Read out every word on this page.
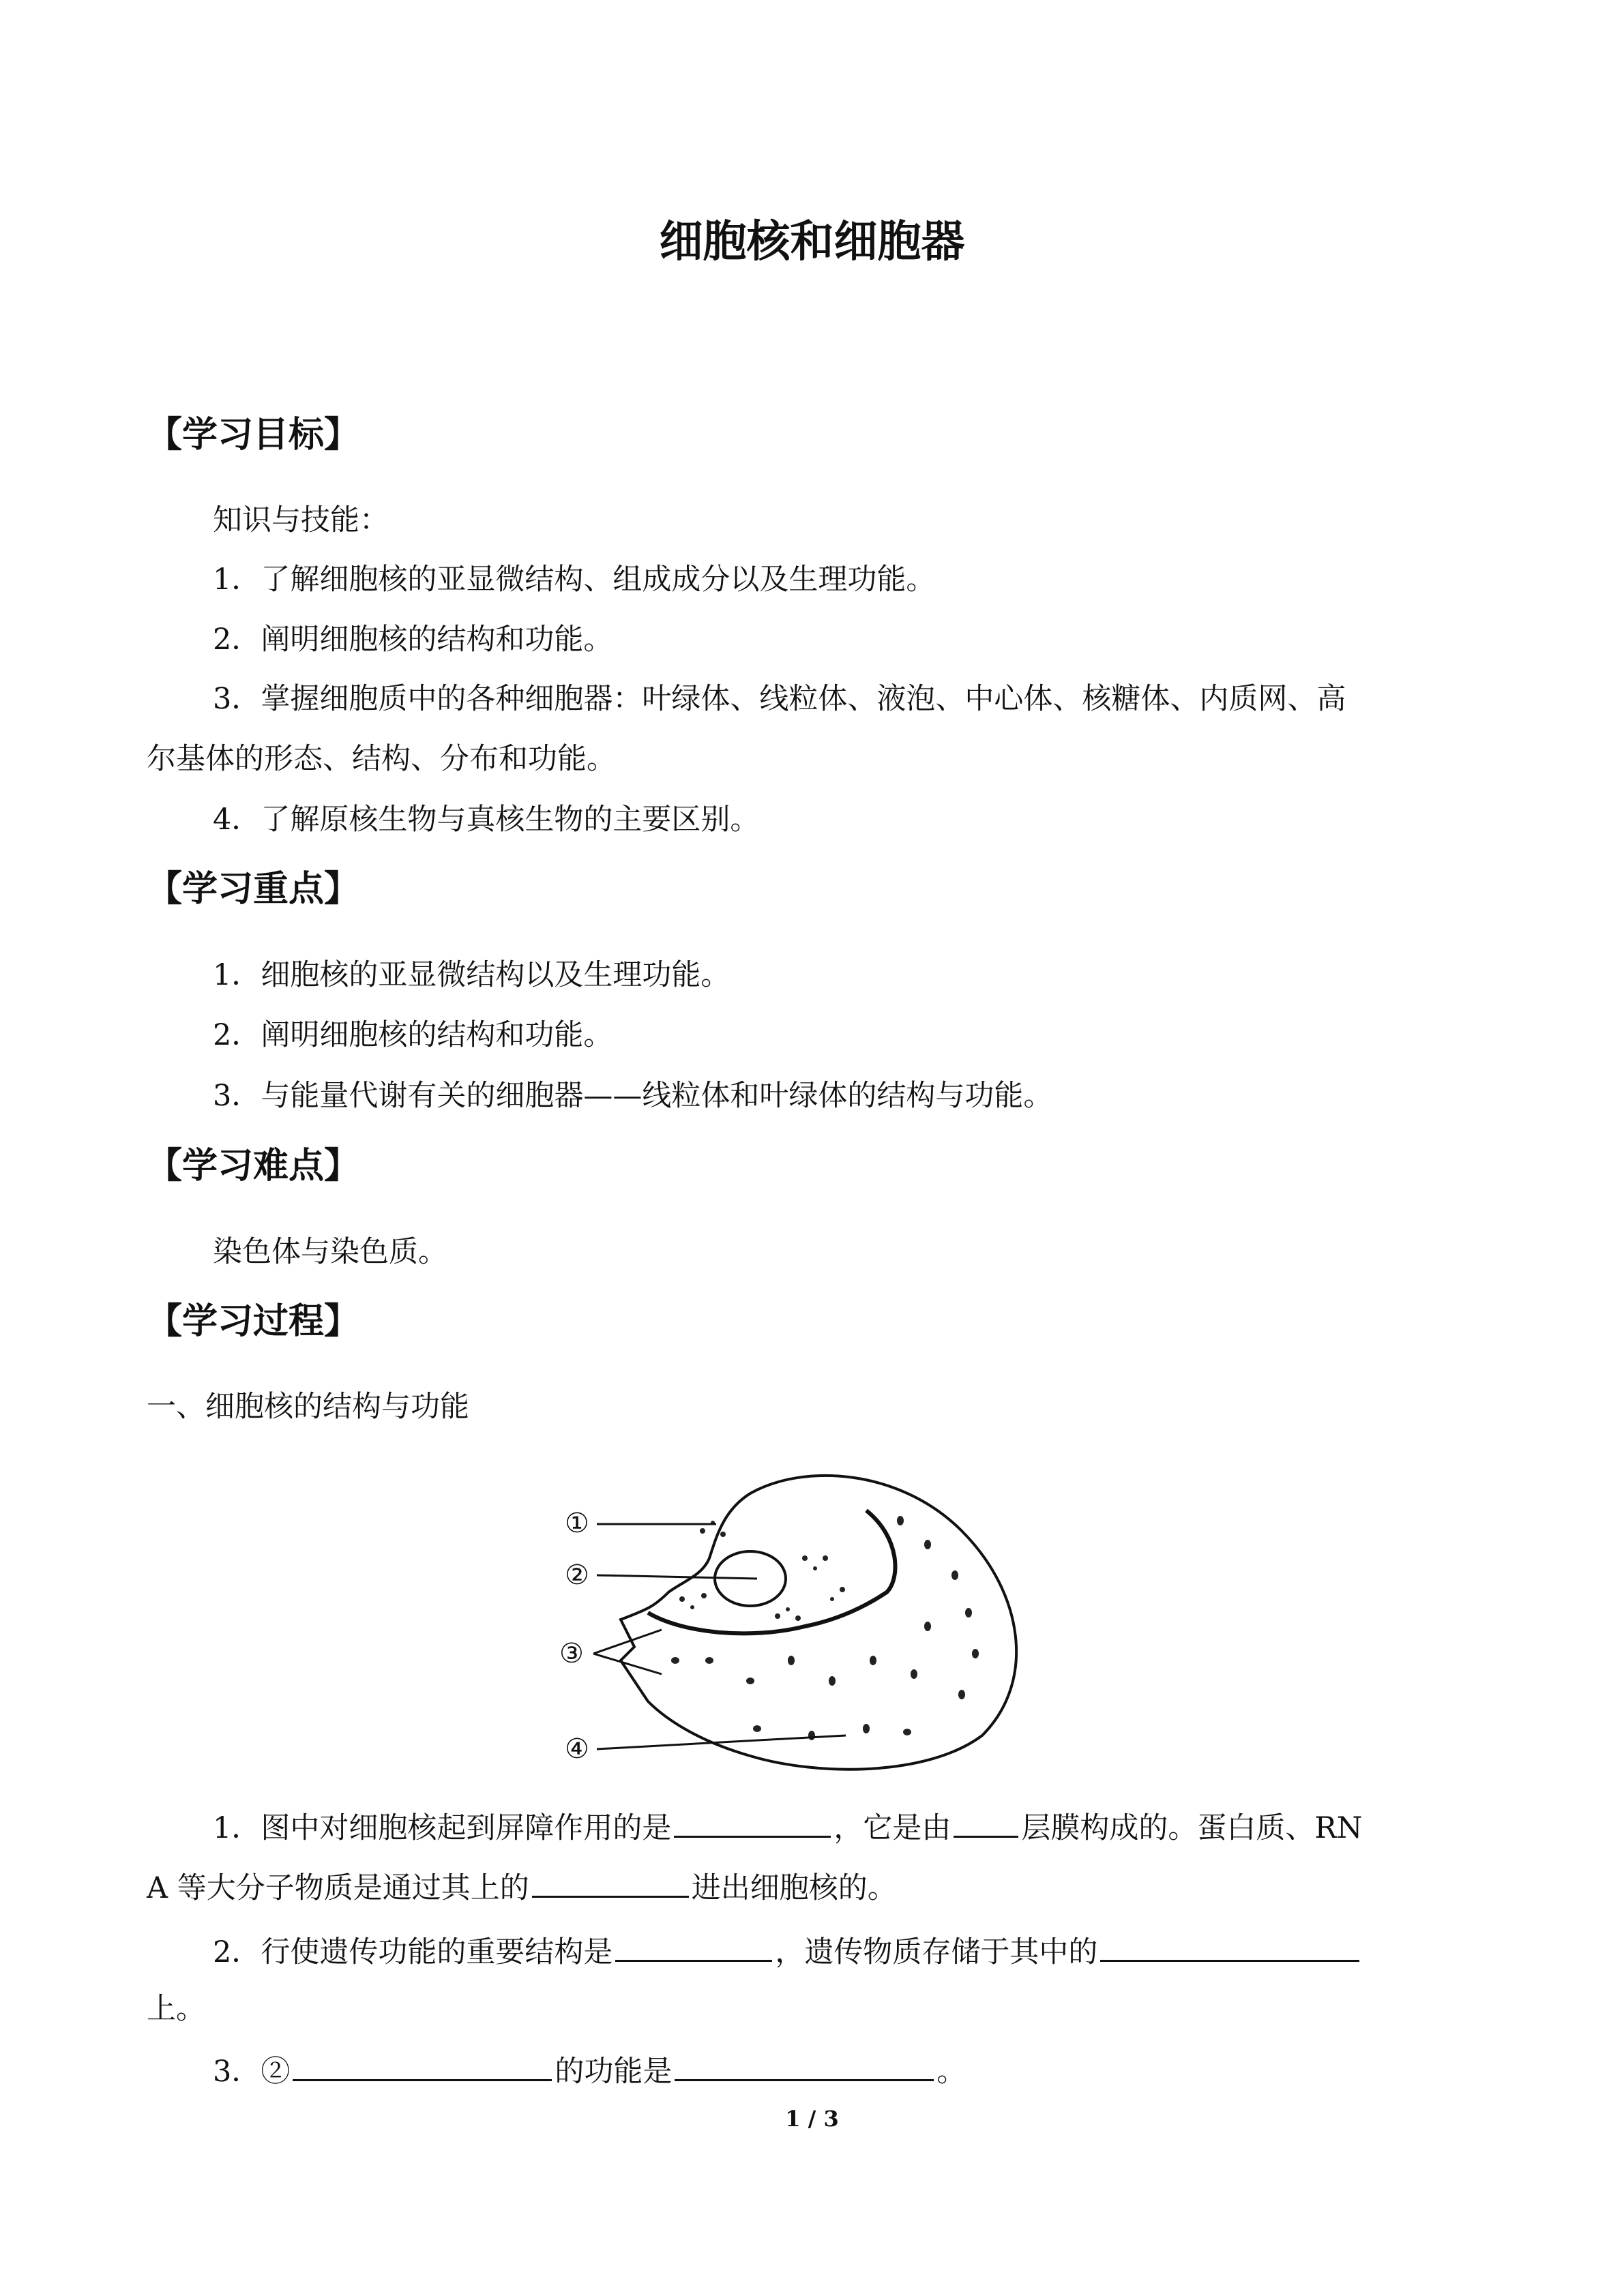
细胞核和细胞器
【学习目标】
知识与技能：
1．了解细胞核的亚显微结构、组成成分以及生理功能。
2．阐明细胞核的结构和功能。
3．掌握细胞质中的各种细胞器：叶绿体、线粒体、液泡、中心体、核糖体、内质网、高
尔基体的形态、结构、分布和功能。
4．了解原核生物与真核生物的主要区别。
【学习重点】
1．细胞核的亚显微结构以及生理功能。
2．阐明细胞核的结构和功能。
3．与能量代谢有关的细胞器——线粒体和叶绿体的结构与功能。
【学习难点】
染色体与染色质。
【学习过程】
一、细胞核的结构与功能
①
②
③
④
1．图中对细胞核起到屏障作用的是	，它是由 层膜构成的。蛋白质、RN
A 等大分子物质是通过其上的	进出细胞核的。
2．行使遗传功能的重要结构是	，遗传物质存储于其中的
上。
3．②	的功能是	。
1 / 3
